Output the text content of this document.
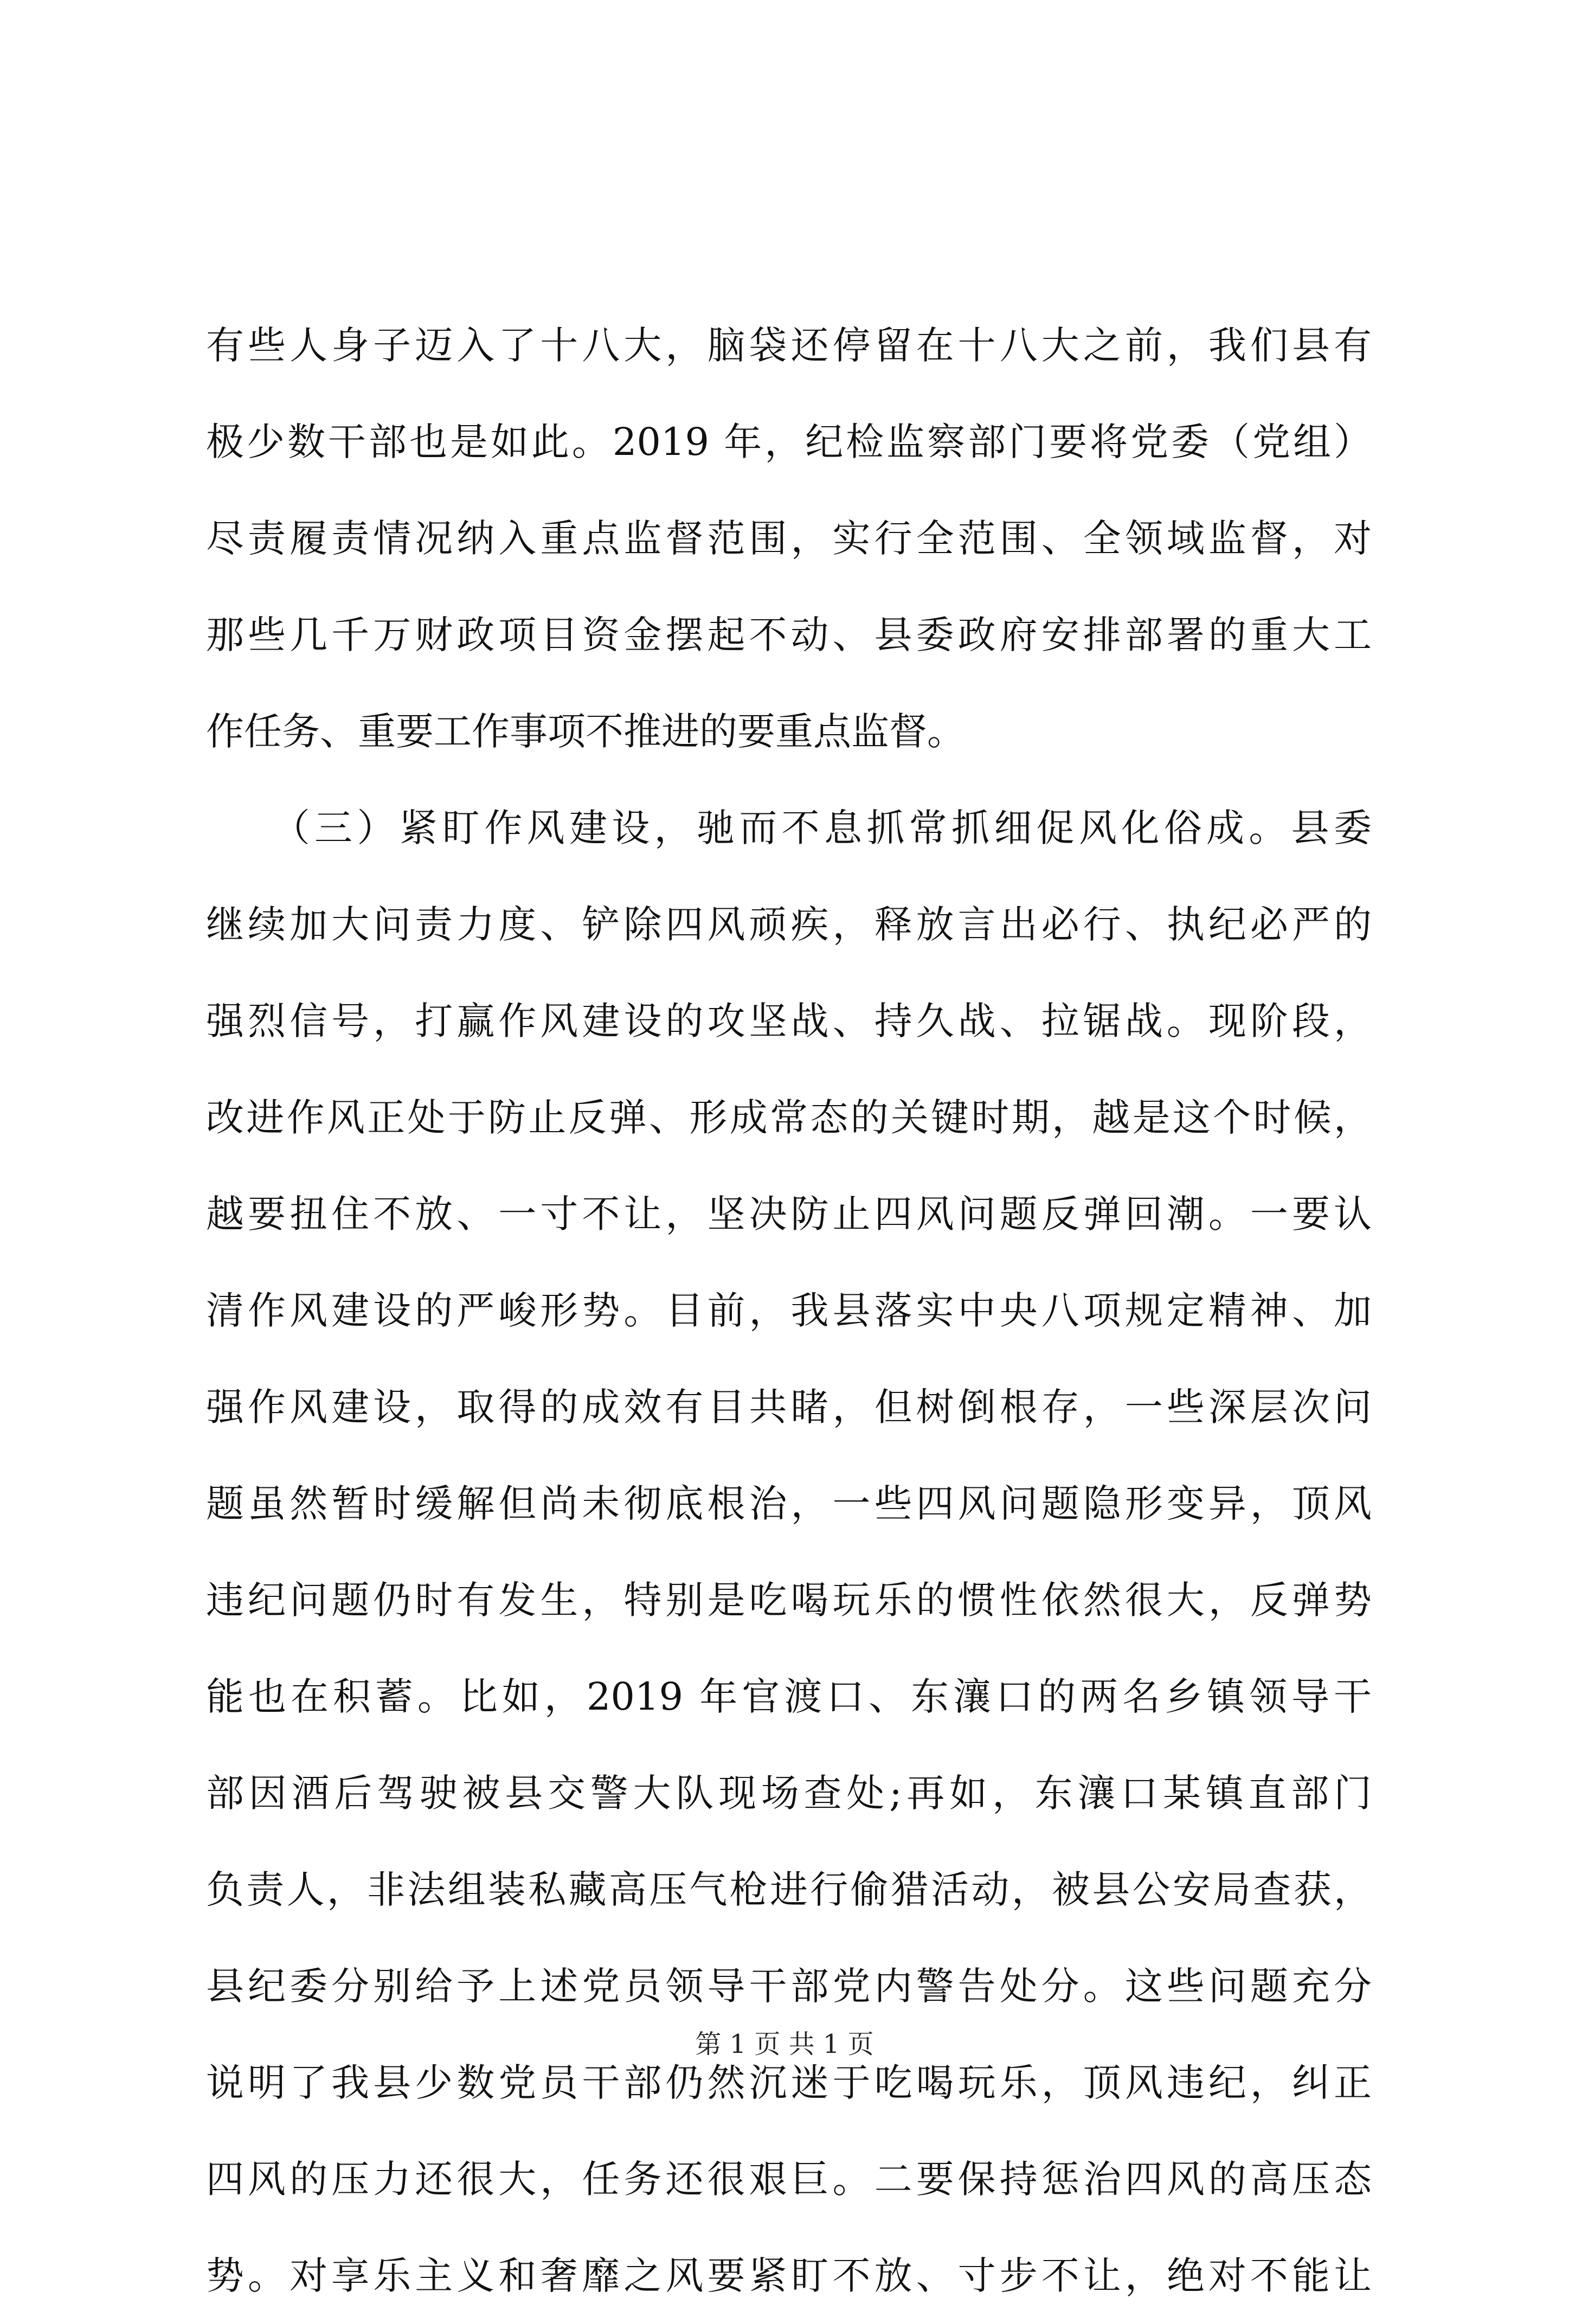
有些人身子迈入了十八大，脑袋还停留在十八大之前，我们县有
极少数干部也是如此。2019 年，纪检监察部门要将党委（党组）
尽责履责情况纳入重点监督范围，实行全范围、全领域监督，对
那些几千万财政项目资金摆起不动、县委政府安排部署的重大工
作任务、重要工作事项不推进的要重点监督。
　　（三）紧盯作风建设，驰而不息抓常抓细促风化俗成。县委
继续加大问责力度、铲除四风顽疾，释放言出必行、执纪必严的
强烈信号，打赢作风建设的攻坚战、持久战、拉锯战。现阶段，
改进作风正处于防止反弹、形成常态的关键时期，越是这个时候，
越要扭住不放、一寸不让，坚决防止四风问题反弹回潮。一要认
清作风建设的严峻形势。目前，我县落实中央八项规定精神、加
强作风建设，取得的成效有目共睹，但树倒根存，一些深层次问
题虽然暂时缓解但尚未彻底根治，一些四风问题隐形变异，顶风
违纪问题仍时有发生，特别是吃喝玩乐的惯性依然很大，反弹势
能也在积蓄。比如，2019 年官渡口、东瀼口的两名乡镇领导干
部因酒后驾驶被县交警大队现场查处;再如，东瀼口某镇直部门
负责人，非法组装私藏高压气枪进行偷猎活动，被县公安局查获，
县纪委分别给予上述党员领导干部党内警告处分。这些问题充分
说明了我县少数党员干部仍然沉迷于吃喝玩乐，顶风违纪，纠正
四风的压力还很大，任务还很艰巨。二要保持惩治四风的高压态
势。对享乐主义和奢靡之风要紧盯不放、寸步不让，绝对不能让
第 1 页 共 1 页
